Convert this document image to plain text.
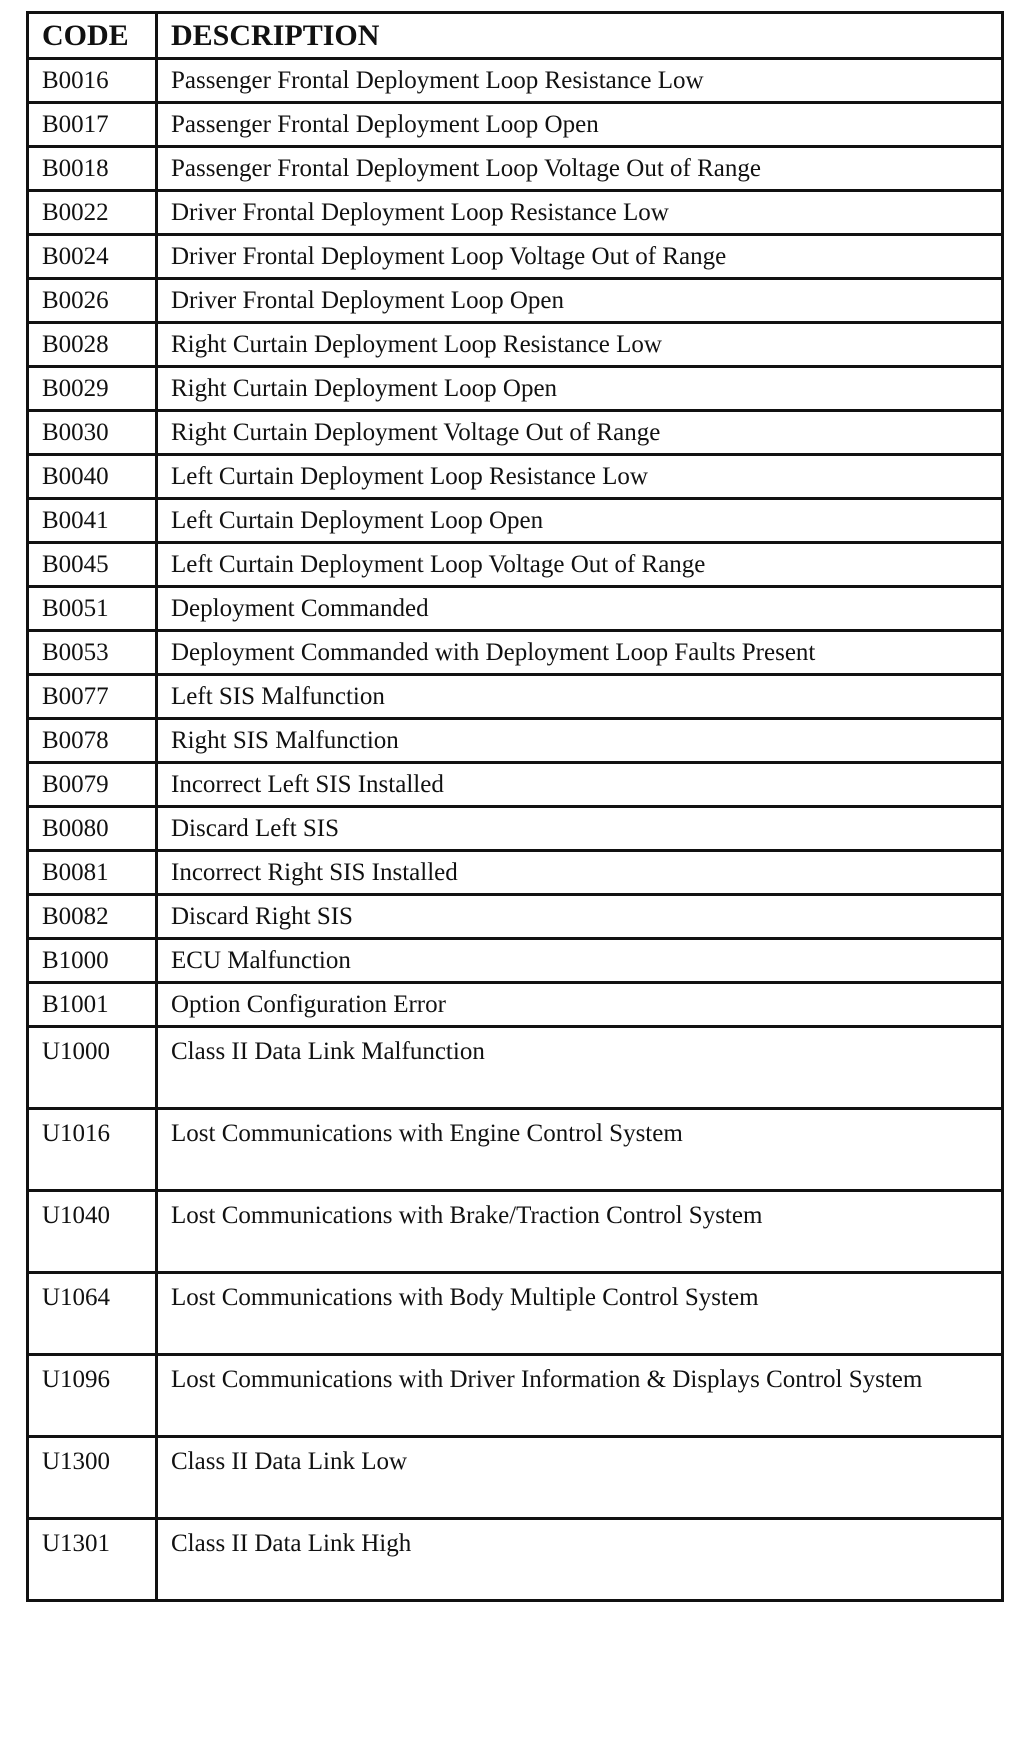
CODE	DESCRIPTION
B0016	Passenger Frontal Deployment Loop Resistance Low
B0017	Passenger Frontal Deployment Loop Open
B0018	Passenger Frontal Deployment Loop Voltage Out of Range
B0022	Driver Frontal Deployment Loop Resistance Low
B0024	Driver Frontal Deployment Loop Voltage Out of Range
B0026	Driver Frontal Deployment Loop Open
B0028	Right Curtain Deployment Loop Resistance Low
B0029	Right Curtain Deployment Loop Open
B0030	Right Curtain Deployment Voltage Out of Range
B0040	Left Curtain Deployment Loop Resistance Low
B0041	Left Curtain Deployment Loop Open
B0045	Left Curtain Deployment Loop Voltage Out of Range
B0051	Deployment Commanded
B0053	Deployment Commanded with Deployment Loop Faults Present
B0077	Left SIS Malfunction
B0078	Right SIS Malfunction
B0079	Incorrect Left SIS Installed
B0080	Discard Left SIS
B0081	Incorrect Right SIS Installed
B0082	Discard Right SIS
B1000	ECU Malfunction
B1001	Option Configuration Error
U1000	Class II Data Link Malfunction
U1016	Lost Communications with Engine Control System
U1040	Lost Communications with Brake/Traction Control System
U1064	Lost Communications with Body Multiple Control System
U1096	Lost Communications with Driver Information & Displays Control System
U1300	Class II Data Link Low
U1301	Class II Data Link High
